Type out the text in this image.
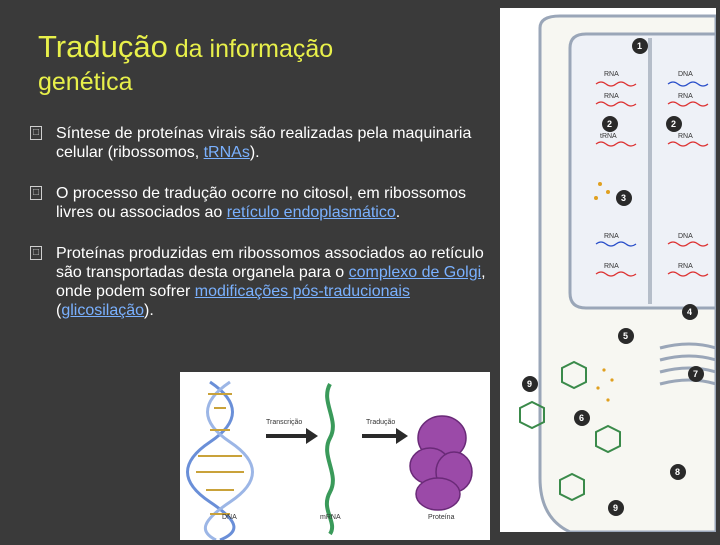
Tradução da informação
genética
□ Síntese de proteínas virais são realizadas pela maquinaria celular (ribossomos, tRNAs).
□ O processo de tradução ocorre no citosol, em ribossomos livres ou associados ao retículo endoplasmático.
□ Proteínas produzidas em ribossomos associados ao retículo são transportadas desta organela para o complexo de Golgi, onde podem sofrer modificações pós-traducionais (glicosilação).
RNA	DNA
RNA	RNA
tRNA	RNA
RNA	DNA
RNA	RNA
1
2	2
3
4
5
6
7
8
9
9
Transcrição	Tradução
DNA	mRNA	Proteína
